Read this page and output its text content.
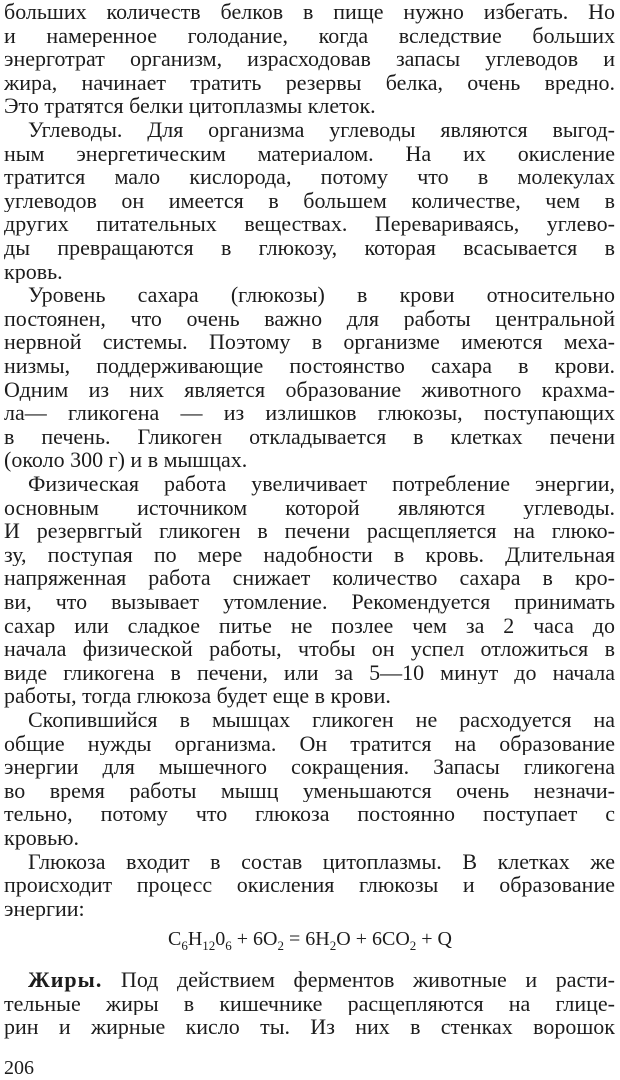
206
больших количеств белков в пище нужно избегать. Но
и намеренное голодание, когда вследствие больших
энерготрат организм, израсходовав запасы углеводов и
жира, начинает тратить резервы белка, очень вредно.
Это тратятся белки цитоплазмы клеток.
Углеводы. Для организма углеводы являются выгод-
ным энергетическим материалом. На их окисление
тратится мало кислорода, потому что в молекулах
углеводов он имеется в большем количестве, чем в
других питательных веществах. Перевариваясь, углево-
ды превращаются в глюкозу, которая всасывается в
кровь.
Уровень сахара (глюкозы) в крови относительно
постоянен, что очень важно для работы центральной
нервной системы. Поэтому в организме имеются меха-
низмы, поддерживающие постоянство сахара в крови.
Одним из них является образование животного крахма-
ла— гликогена — из излишков глюкозы, поступающих
в печень. Гликоген откладывается в клетках печени
(около 300 г) и в мышцах.
Физическая работа увеличивает потребление энергии,
основным источником которой являются углеводы.
И резервггый гликоген в печени расщепляется на глюко-
зу, поступая по мере надобности в кровь. Длительная
напряженная работа снижает количество сахара в кро-
ви, что вызывает утомление. Рекомендуется принимать
сахар или сладкое питье не позлее чем за 2 часа до
начала физической работы, чтобы он успел отложиться в
виде гликогена в печени, или за 5—10 минут до начала
работы, тогда глюкоза будет еще в крови.
Скопившийся в мышцах гликоген не расходуется на
общие нужды организма. Он тратится на образование
энергии для мышечного сокращения. Запасы гликогена
во время работы мышц уменьшаются очень незначи-
тельно, потому что глюкоза постоянно поступает с
кровью.
Глюкоза входит в состав цитоплазмы. В клетках же
происходит процесс окисления глюкозы и образование
энергии:
$C_6H_{12}0_6 + 6O_2 = 6H_2O + 6CO_2 + Q$
Жиры. Под действием ферментов животные и расти-
тельные жиры в кишечнике расщепляются на глице-
рин и жирные кисло ты. Из них в стенках ворошок
